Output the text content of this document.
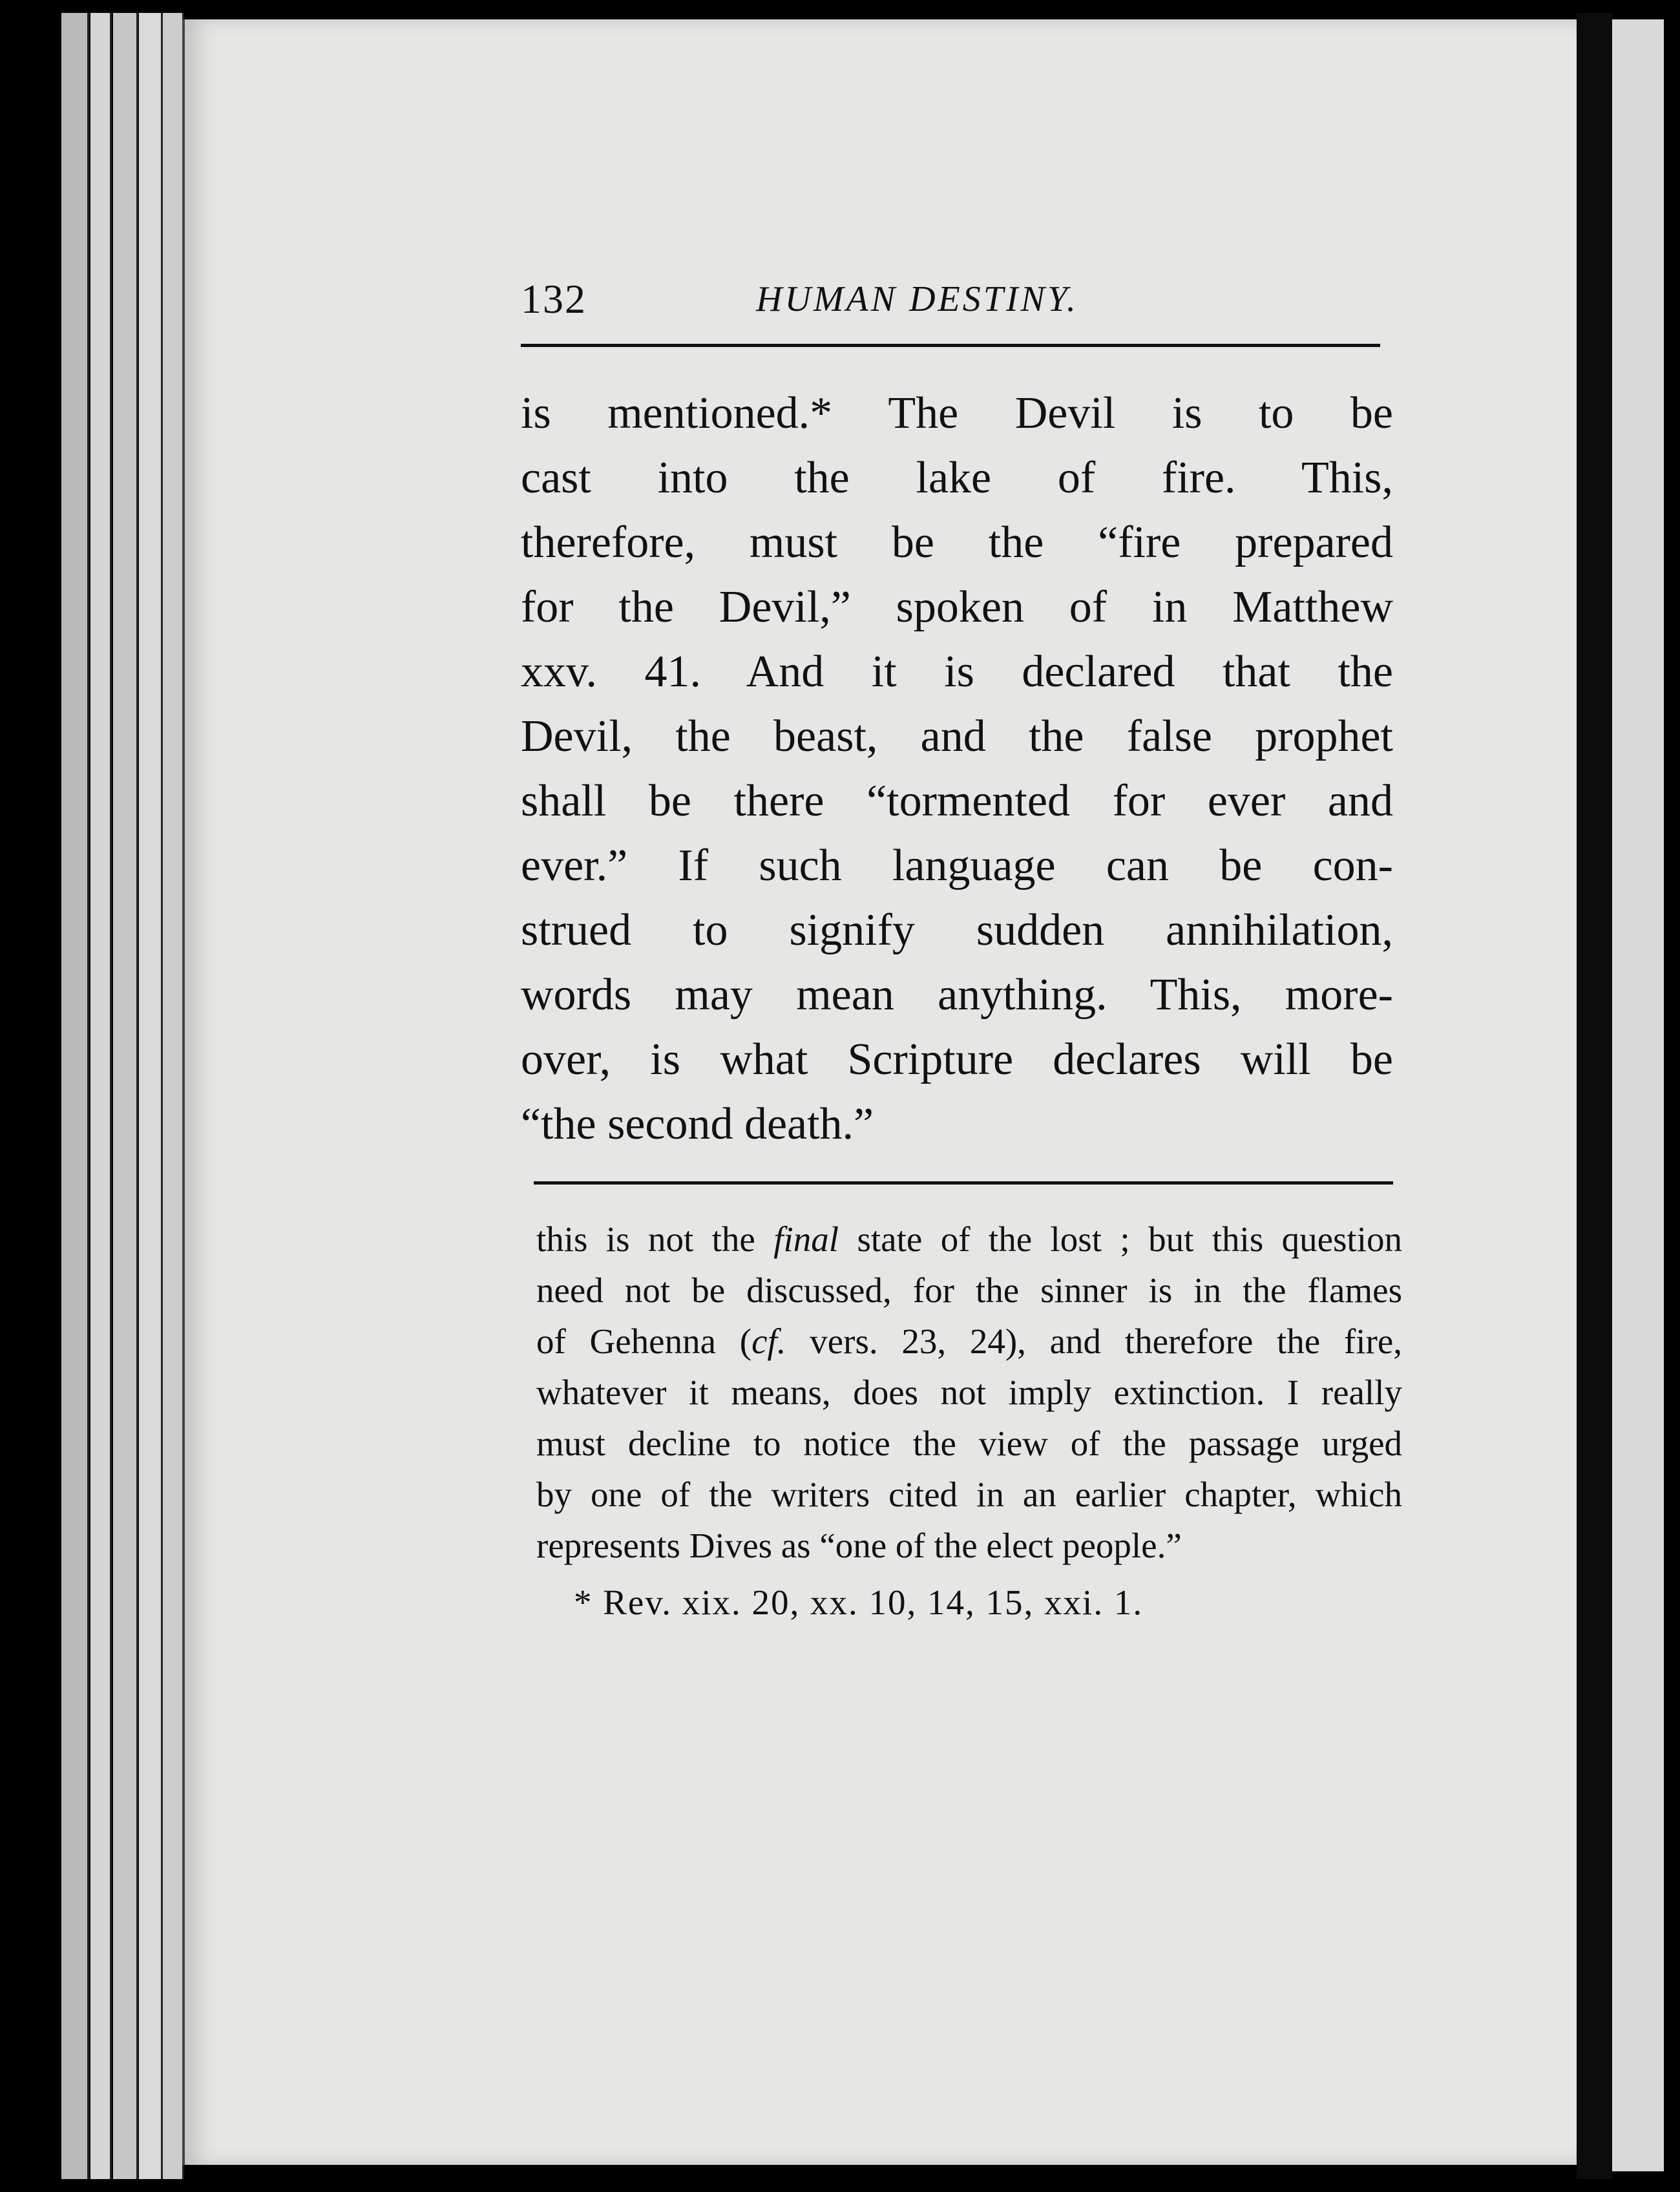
132	HUMAN DESTINY.
is mentioned.* The Devil is to be
cast into the lake of fire. This,
therefore, must be the “fire prepared
for the Devil,” spoken of in Matthew
xxv. 41. And it is declared that the
Devil, the beast, and the false prophet
shall be there “tormented for ever and
ever.” If such language can be con-
strued to signify sudden annihilation,
words may mean anything. This, more-
over, is what Scripture declares will be
“the second death.”
this is not the final state of the lost ; but this question
need not be discussed, for the sinner is in the flames
of Gehenna (cf. vers. 23, 24), and therefore the fire,
whatever it means, does not imply extinction. I really
must decline to notice the view of the passage urged
by one of the writers cited in an earlier chapter, which
represents Dives as “one of the elect people.”
* Rev. xix. 20, xx. 10, 14, 15, xxi. 1.
